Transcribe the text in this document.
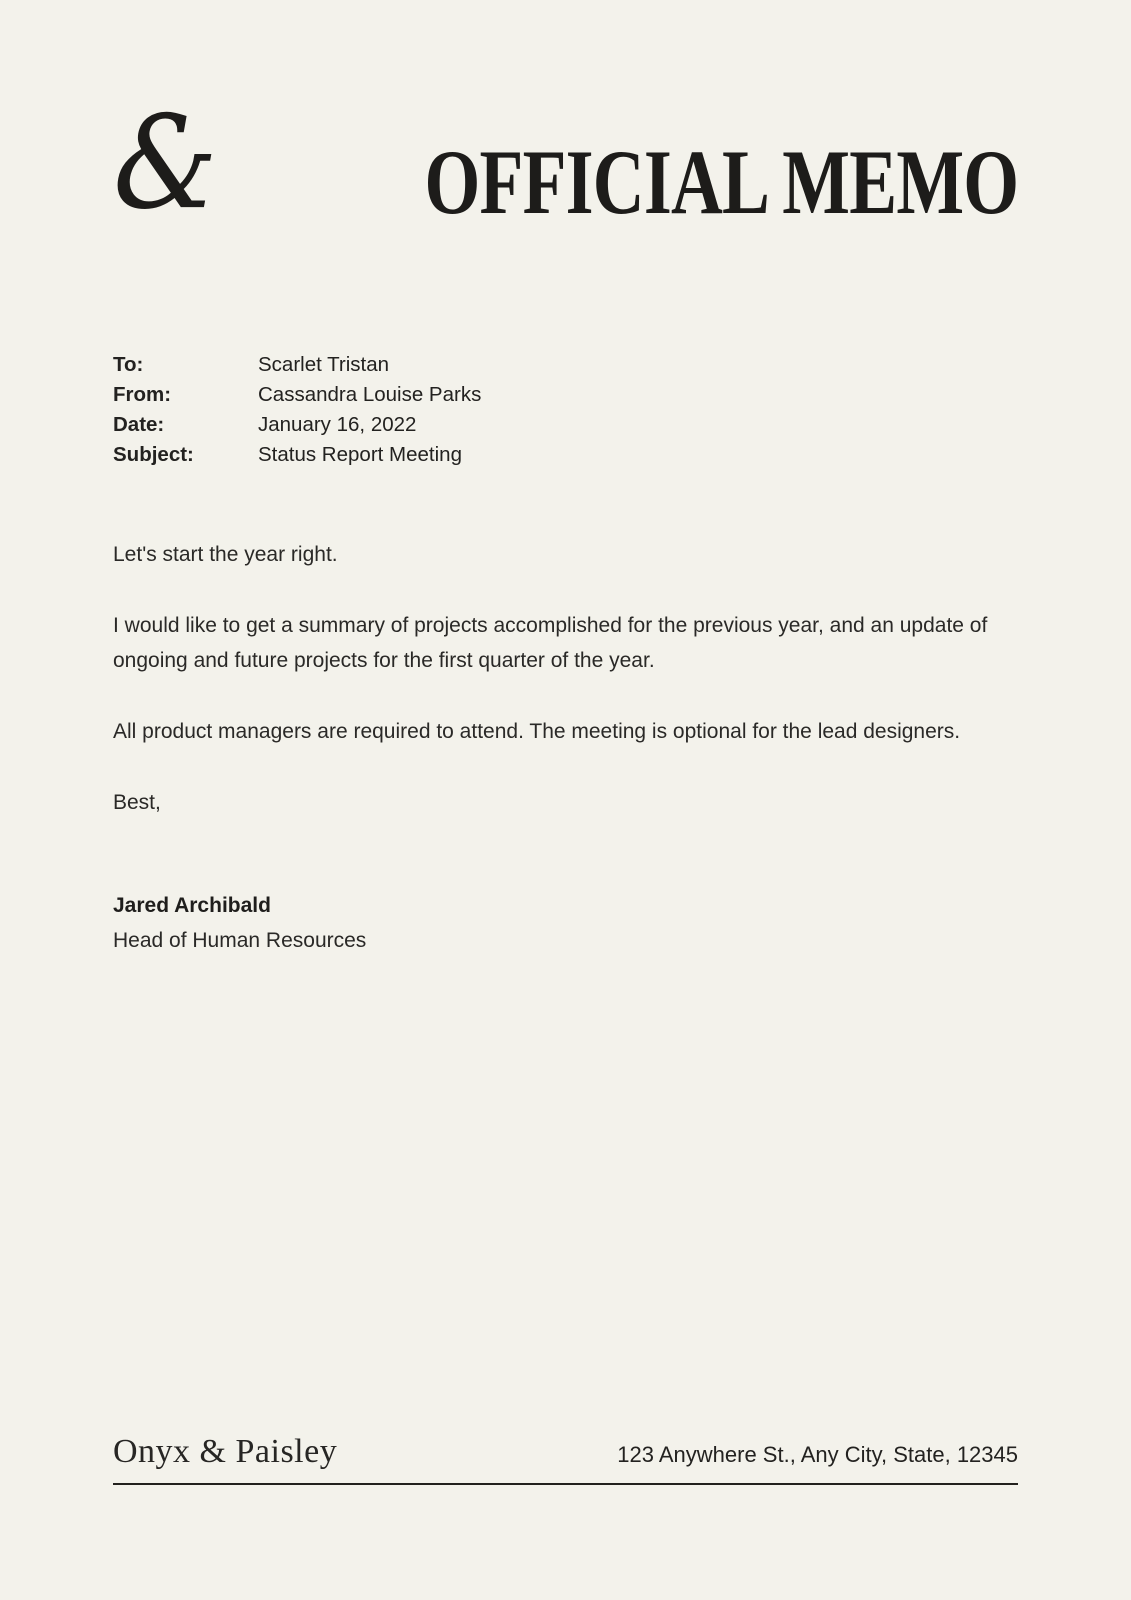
& OFFICIAL MEMO
To:	Scarlet Tristan
From:	Cassandra Louise Parks
Date:	January 16, 2022
Subject:	Status Report Meeting

Let's start the year right.

I would like to get a summary of projects accomplished for the previous year, and an update of ongoing and future projects for the first quarter of the year.

All product managers are required to attend. The meeting is optional for the lead designers.

Best,

Jared Archibald
Head of Human Resources
Onyx & Paisley	123 Anywhere St., Any City, State, 12345
